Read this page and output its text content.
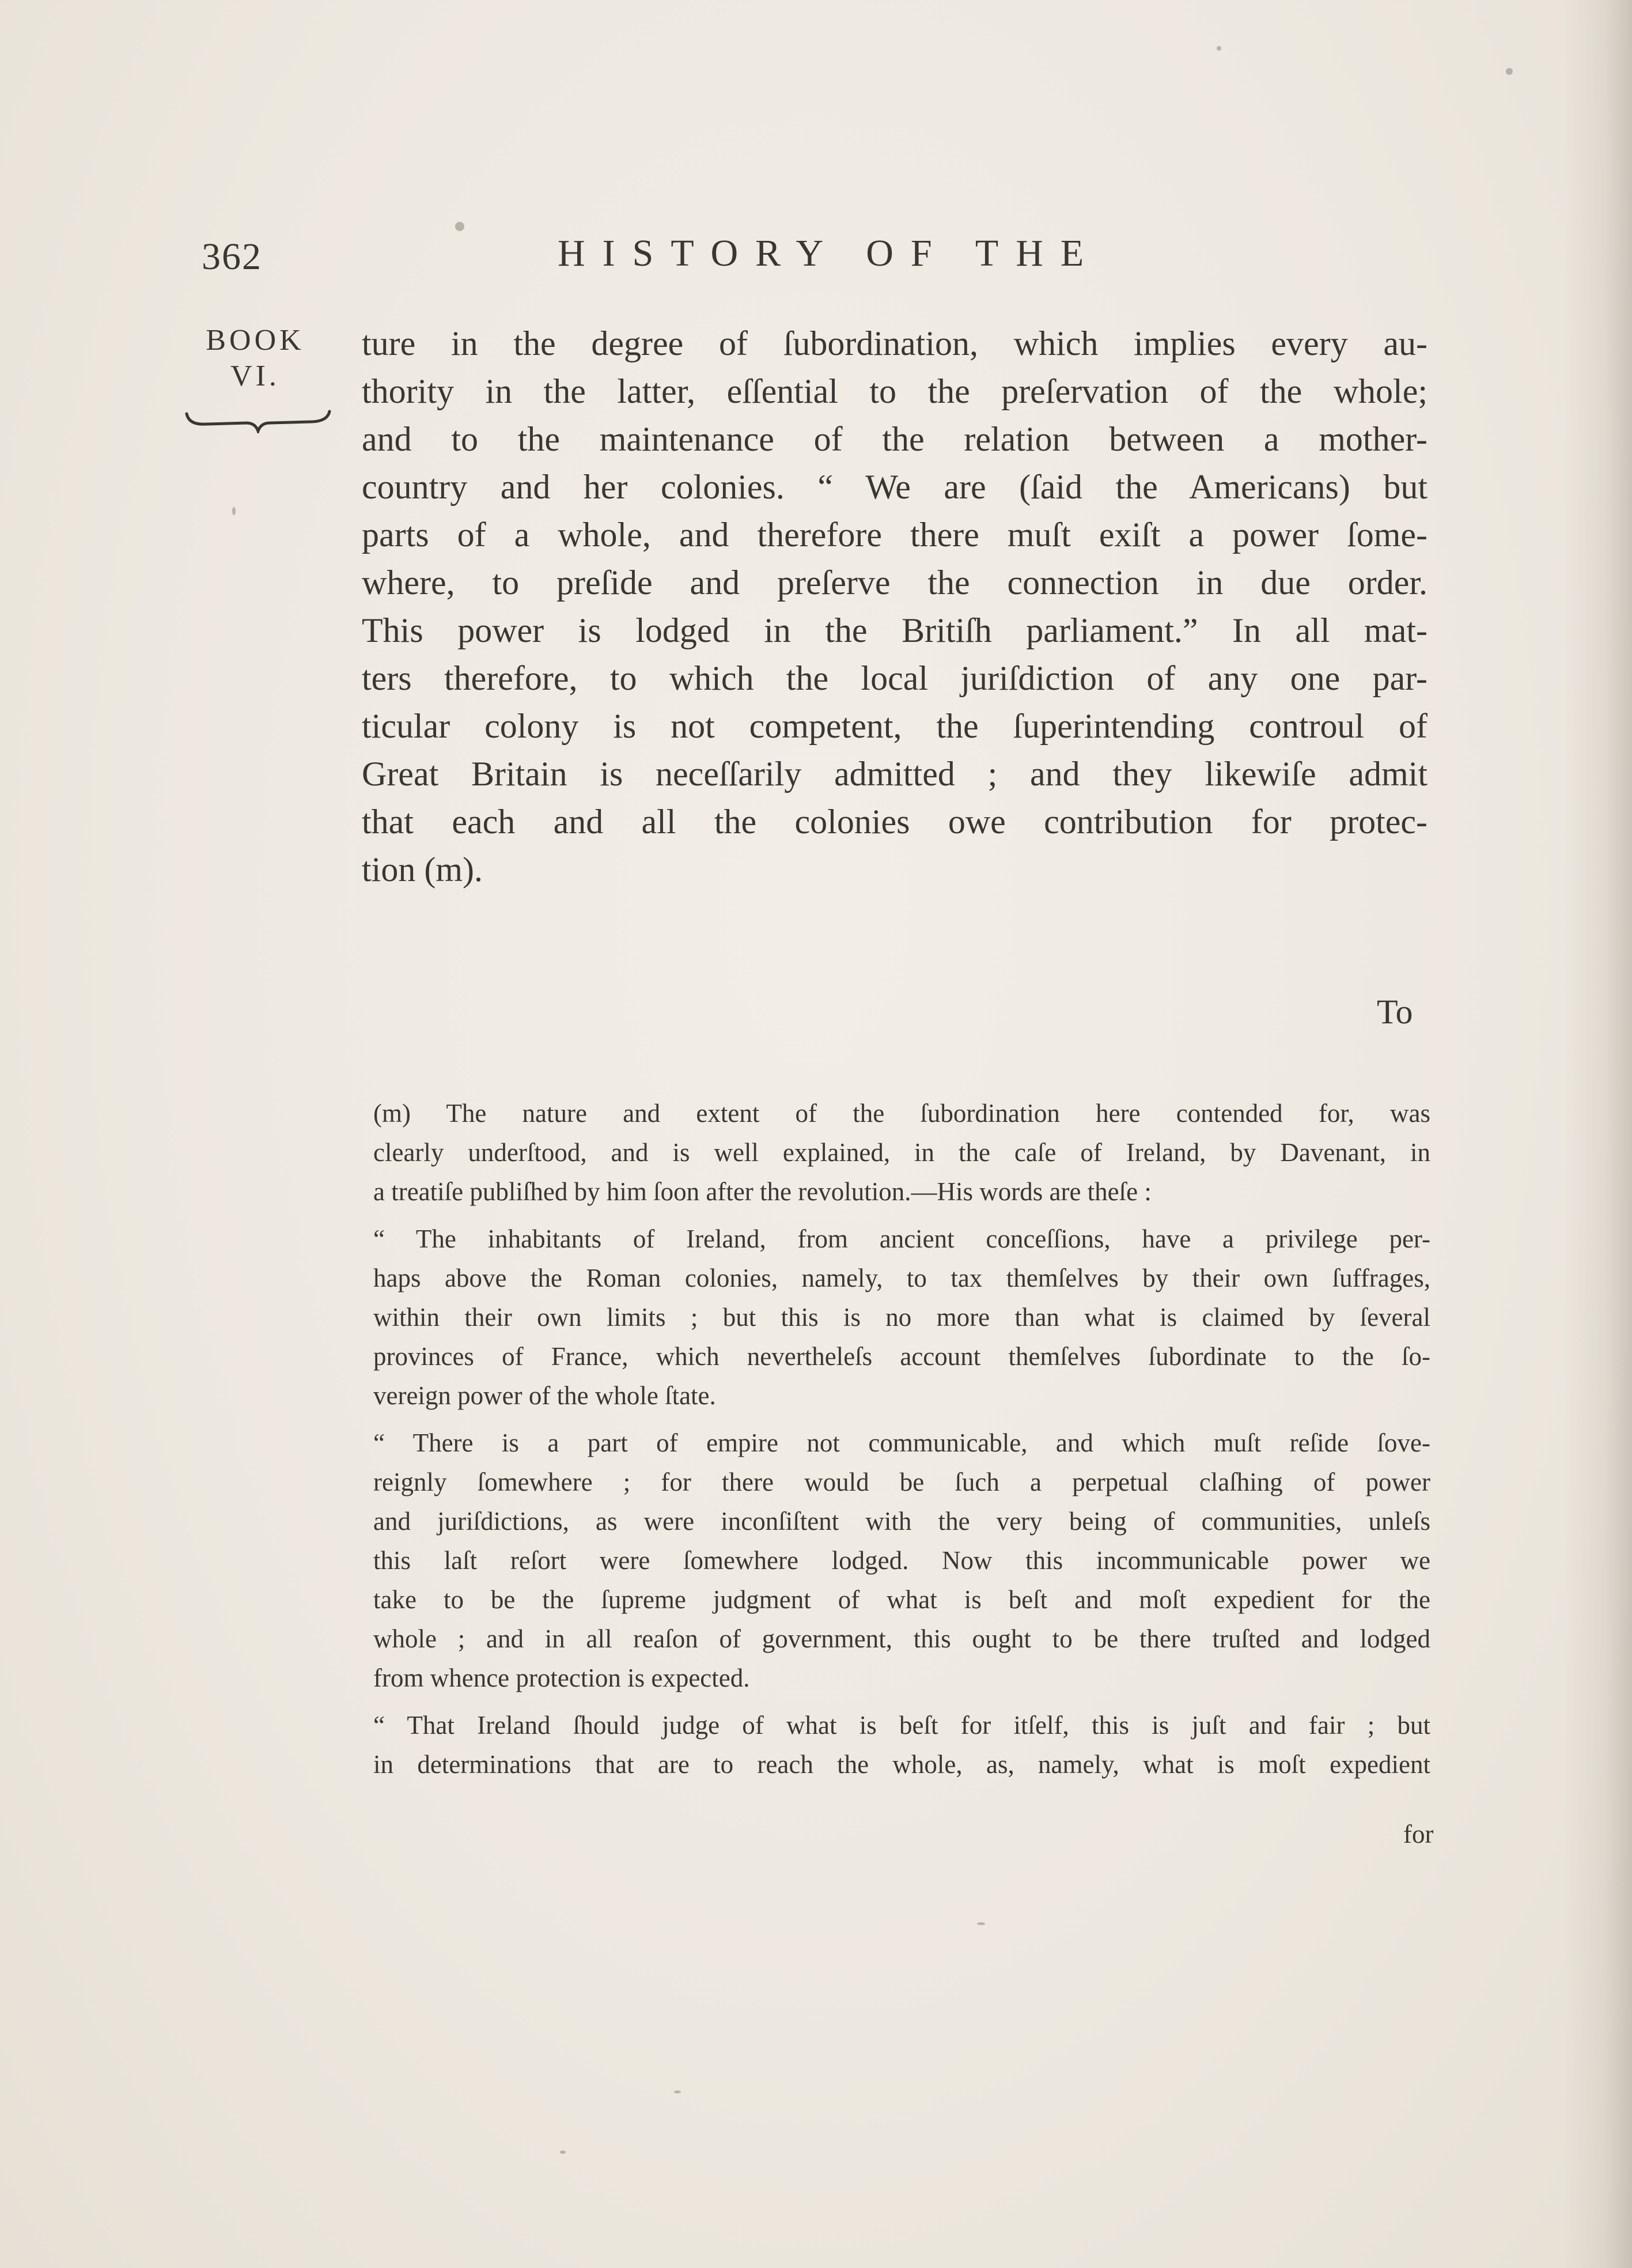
362	HISTORY OF THE
BOOK
VI.
ture in the degree of ſubordination, which implies every au-
thority in the latter, eſſential to the preſervation of the whole;
and to the maintenance of the relation between a mother-
country and her colonies. “ We are (ſaid the Americans) but
parts of a whole, and therefore there muſt exiſt a power ſome-
where, to preſide and preſerve the connection in due order.
This power is lodged in the Britiſh parliament.” In all mat-
ters therefore, to which the local juriſdiction of any one par-
ticular colony is not competent, the ſuperintending controul of
Great Britain is neceſſarily admitted ; and they likewiſe admit
that each and all the colonies owe contribution for protec-
tion (m).
To
(m) The nature and extent of the ſubordination here contended for, was
clearly underſtood, and is well explained, in the caſe of Ireland, by Davenant, in
a treatiſe publiſhed by him ſoon after the revolution.—His words are theſe :
“ The inhabitants of Ireland, from ancient conceſſions, have a privilege per-
haps above the Roman colonies, namely, to tax themſelves by their own ſuffrages,
within their own limits ; but this is no more than what is claimed by ſeveral
provinces of France, which nevertheleſs account themſelves ſubordinate to the ſo-
vereign power of the whole ſtate.
“ There is a part of empire not communicable, and which muſt reſide ſove-
reignly ſomewhere ; for there would be ſuch a perpetual claſhing of power
and juriſdictions, as were inconſiſtent with the very being of communities, unleſs
this laſt reſort were ſomewhere lodged. Now this incommunicable power we
take to be the ſupreme judgment of what is beſt and moſt expedient for the
whole ; and in all reaſon of government, this ought to be there truſted and lodged
from whence protection is expected.
“ That Ireland ſhould judge of what is beſt for itſelf, this is juſt and fair ; but
in determinations that are to reach the whole, as, namely, what is moſt expedient
for
